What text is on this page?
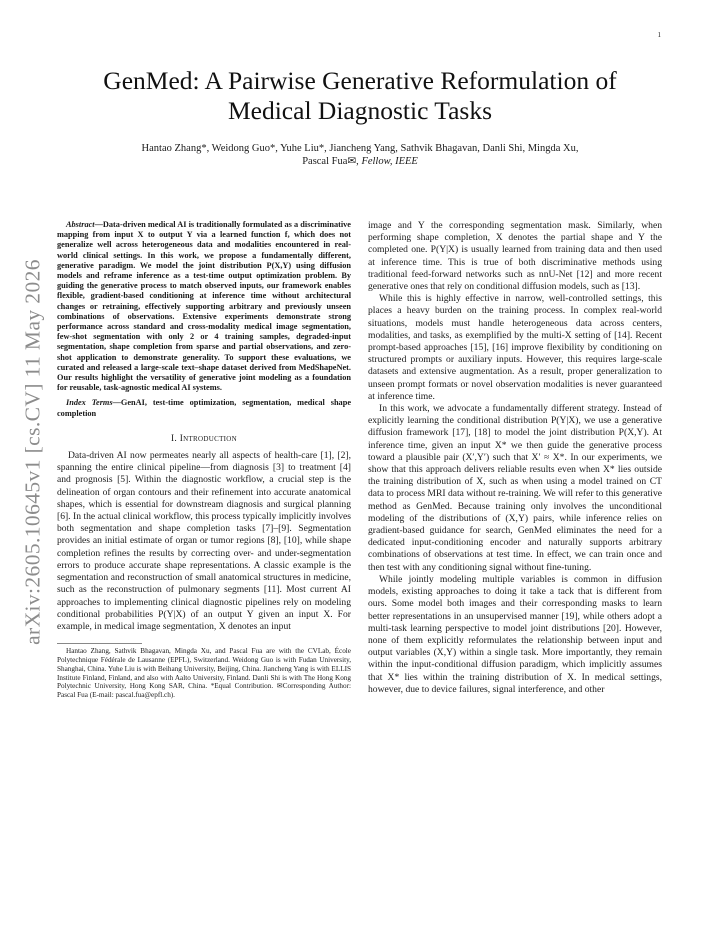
1
arXiv:2605.10645v1 [cs.CV] 11 May 2026
GenMed: A Pairwise Generative Reformulation of Medical Diagnostic Tasks
Hantao Zhang*, Weidong Guo*, Yuhe Liu*, Jiancheng Yang, Sathvik Bhagavan, Danli Shi, Mingda Xu,
Pascal Fua✉, Fellow, IEEE

Abstract—Data-driven medical AI is traditionally formulated as a discriminative mapping from input X to output Y via a learned function f, which does not generalize well across heterogeneous data and modalities encountered in real-world clinical settings. In this work, we propose a fundamentally different, generative paradigm. We model the joint distribution P(X,Y) using diffusion models and reframe inference as a test-time output optimization problem. By guiding the generative process to match observed inputs, our framework enables flexible, gradient-based conditioning at inference time without architectural changes or retraining, effectively supporting arbitrary and previously unseen combinations of observations. Extensive experiments demonstrate strong performance across standard and cross-modality medical image segmentation, few-shot segmentation with only 2 or 4 training samples, degraded-input segmentation, shape completion from sparse and partial observations, and zero-shot application to demonstrate generality. To support these evaluations, we curated and released a large-scale text–shape dataset derived from MedShapeNet. Our results highlight the versatility of generative joint modeling as a foundation for reusable, task-agnostic medical AI systems.

Index Terms—GenAI, test-time optimization, segmentation, medical shape completion

I. Introduction

Data-driven AI now permeates nearly all aspects of health-care [1], [2], spanning the entire clinical pipeline—from diagnosis [3] to treatment [4] and prognosis [5]. Within the diagnostic workflow, a crucial step is the delineation of organ contours and their refinement into accurate anatomical shapes, which is essential for downstream diagnosis and surgical planning [6]. In the actual clinical workflow, this process typically implicitly involves both segmentation and shape completion tasks [7]–[9]. Segmentation provides an initial estimate of organ or tumor regions [8], [10], while shape completion refines the results by correcting over- and under-segmentation errors to produce accurate shape representations. A classic example is the segmentation and reconstruction of small anatomical structures in medicine, such as the reconstruction of pulmonary segments [11]. Most current AI approaches to implementing clinical diagnostic pipelines rely on modeling conditional probabilities P(Y|X) of an output Y given an input X. For example, in medical image segmentation, X denotes an input

Hantao Zhang, Sathvik Bhagavan, Mingda Xu, and Pascal Fua are with the CVLab, École Polytechnique Fédérale de Lausanne (EPFL), Switzerland. Weidong Guo is with Fudan University, Shanghai, China. Yuhe Liu is with Beihang University, Beijing, China. Jiancheng Yang is with ELLIS Institute Finland, Finland, and also with Aalto University, Finland. Danli Shi is with The Hong Kong Polytechnic University, Hong Kong SAR, China. *Equal Contribution. ✉Corresponding Author: Pascal Fua (E-mail: pascal.fua@epfl.ch).

image and Y the corresponding segmentation mask. Similarly, when performing shape completion, X denotes the partial shape and Y the completed one. P(Y|X) is usually learned from training data and then used at inference time. This is true of both discriminative methods using traditional feed-forward networks such as nnU-Net [12] and more recent generative ones that rely on conditional diffusion models, such as [13].

While this is highly effective in narrow, well-controlled settings, this places a heavy burden on the training process. In complex real-world situations, models must handle heterogeneous data across centers, modalities, and tasks, as exemplified by the multi-X setting of [14]. Recent prompt-based approaches [15], [16] improve flexibility by conditioning on structured prompts or auxiliary inputs. However, this requires large-scale datasets and extensive augmentation. As a result, proper generalization to unseen prompt formats or novel observation modalities is never guaranteed at inference time.

In this work, we advocate a fundamentally different strategy. Instead of explicitly learning the conditional distribution P(Y|X), we use a generative diffusion framework [17], [18] to model the joint distribution P(X,Y). At inference time, given an input X* we then guide the generative process toward a plausible pair (X′,Y′) such that X′ ≈ X*. In our experiments, we show that this approach delivers reliable results even when X* lies outside the training distribution of X, such as when using a model trained on CT data to process MRI data without re-training. We will refer to this generative method as GenMed. Because training only involves the unconditional modeling of the distributions of (X,Y) pairs, while inference relies on gradient-based guidance for search, GenMed eliminates the need for a dedicated input-conditioning encoder and naturally supports arbitrary combinations of observations at test time. In effect, we can train once and then test with any conditioning signal without fine-tuning.

While jointly modeling multiple variables is common in diffusion models, existing approaches to doing it take a tack that is different from ours. Some model both images and their corresponding masks to learn better representations in an unsupervised manner [19], while others adopt a multi-task learning perspective to model joint distributions [20]. However, none of them explicitly reformulates the relationship between input and output variables (X,Y) within a single task. More importantly, they remain within the input-conditional diffusion paradigm, which implicitly assumes that X* lies within the training distribution of X. In medical settings, however, due to device failures, signal interference, and other
